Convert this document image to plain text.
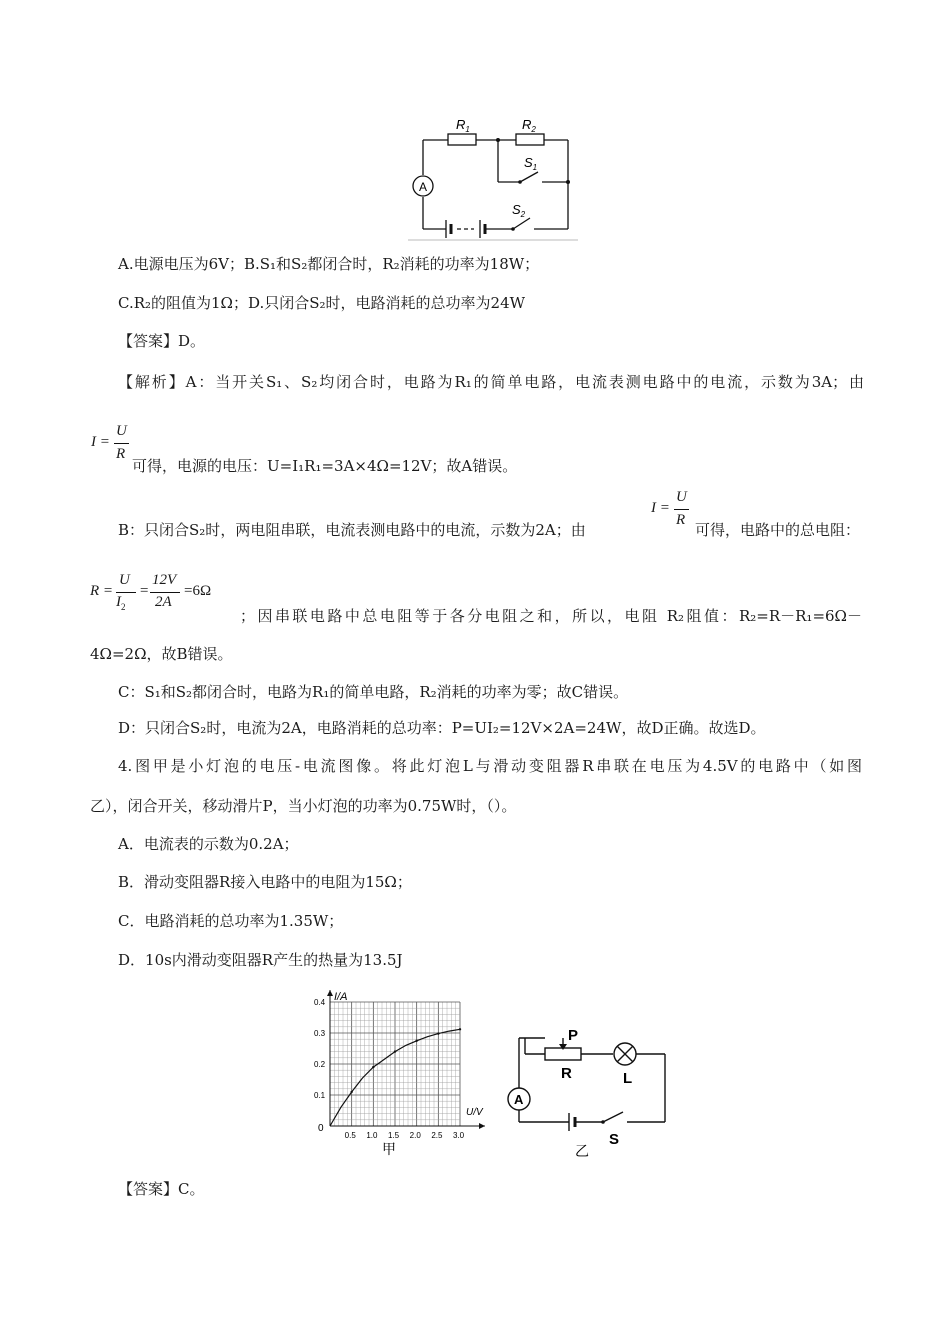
A
$R_1$	$R_2$
$S_1$
$S_2$
A.电源电压为6V；B.S₁和S₂都闭合时，R₂消耗的功率为18W；
C.R₂的阻值为1Ω；D.只闭合S₂时，电路消耗的总功率为24W
【答案】D。
【解析】A：当开关S₁、S₂均闭合时，电路为R₁的简单电路，电流表测电路中的电流，示数为3A；由
I =
U
R
可得，电源的电压：U=I₁R₁=3A×4Ω=12V；故A错误。
B：只闭合S₂时，两电阻串联，电流表测电路中的电流，示数为2A；由
I =
U
R
可得，电路中的总电阻：
R =
U
$I_2$
=
12V
2A
=6Ω
；因串联电路中总电阻等于各分电阻之和，所以，电阻 R₂阻值：R₂=R－R₁=6Ω－
4Ω=2Ω，故B错误。
C：S₁和S₂都闭合时，电路为R₁的简单电路，R₂消耗的功率为零；故C错误。
D：只闭合S₂时，电流为2A，电路消耗的总功率：P=UI₂=12V×2A=24W，故D正确。故选D。
4.图甲是小灯泡的电压-电流图像。将此灯泡L与滑动变阻器R串联在电压为4.5V的电路中（如图
乙），闭合开关，移动滑片P，当小灯泡的功率为0.75W时，（）。
A．电流表的示数为0.2A；
B．滑动变阻器R接入电路中的电阻为15Ω；
C．电路消耗的总功率为1.35W；
D．10s内滑动变阻器R产生的热量为13.5J
0.5 1.0 1.5 2.0 2.5 3.0
0.1
0.2
0.3
0.4 I/A
U/V
0
甲
A
P
R	L
S
乙
【答案】C。
